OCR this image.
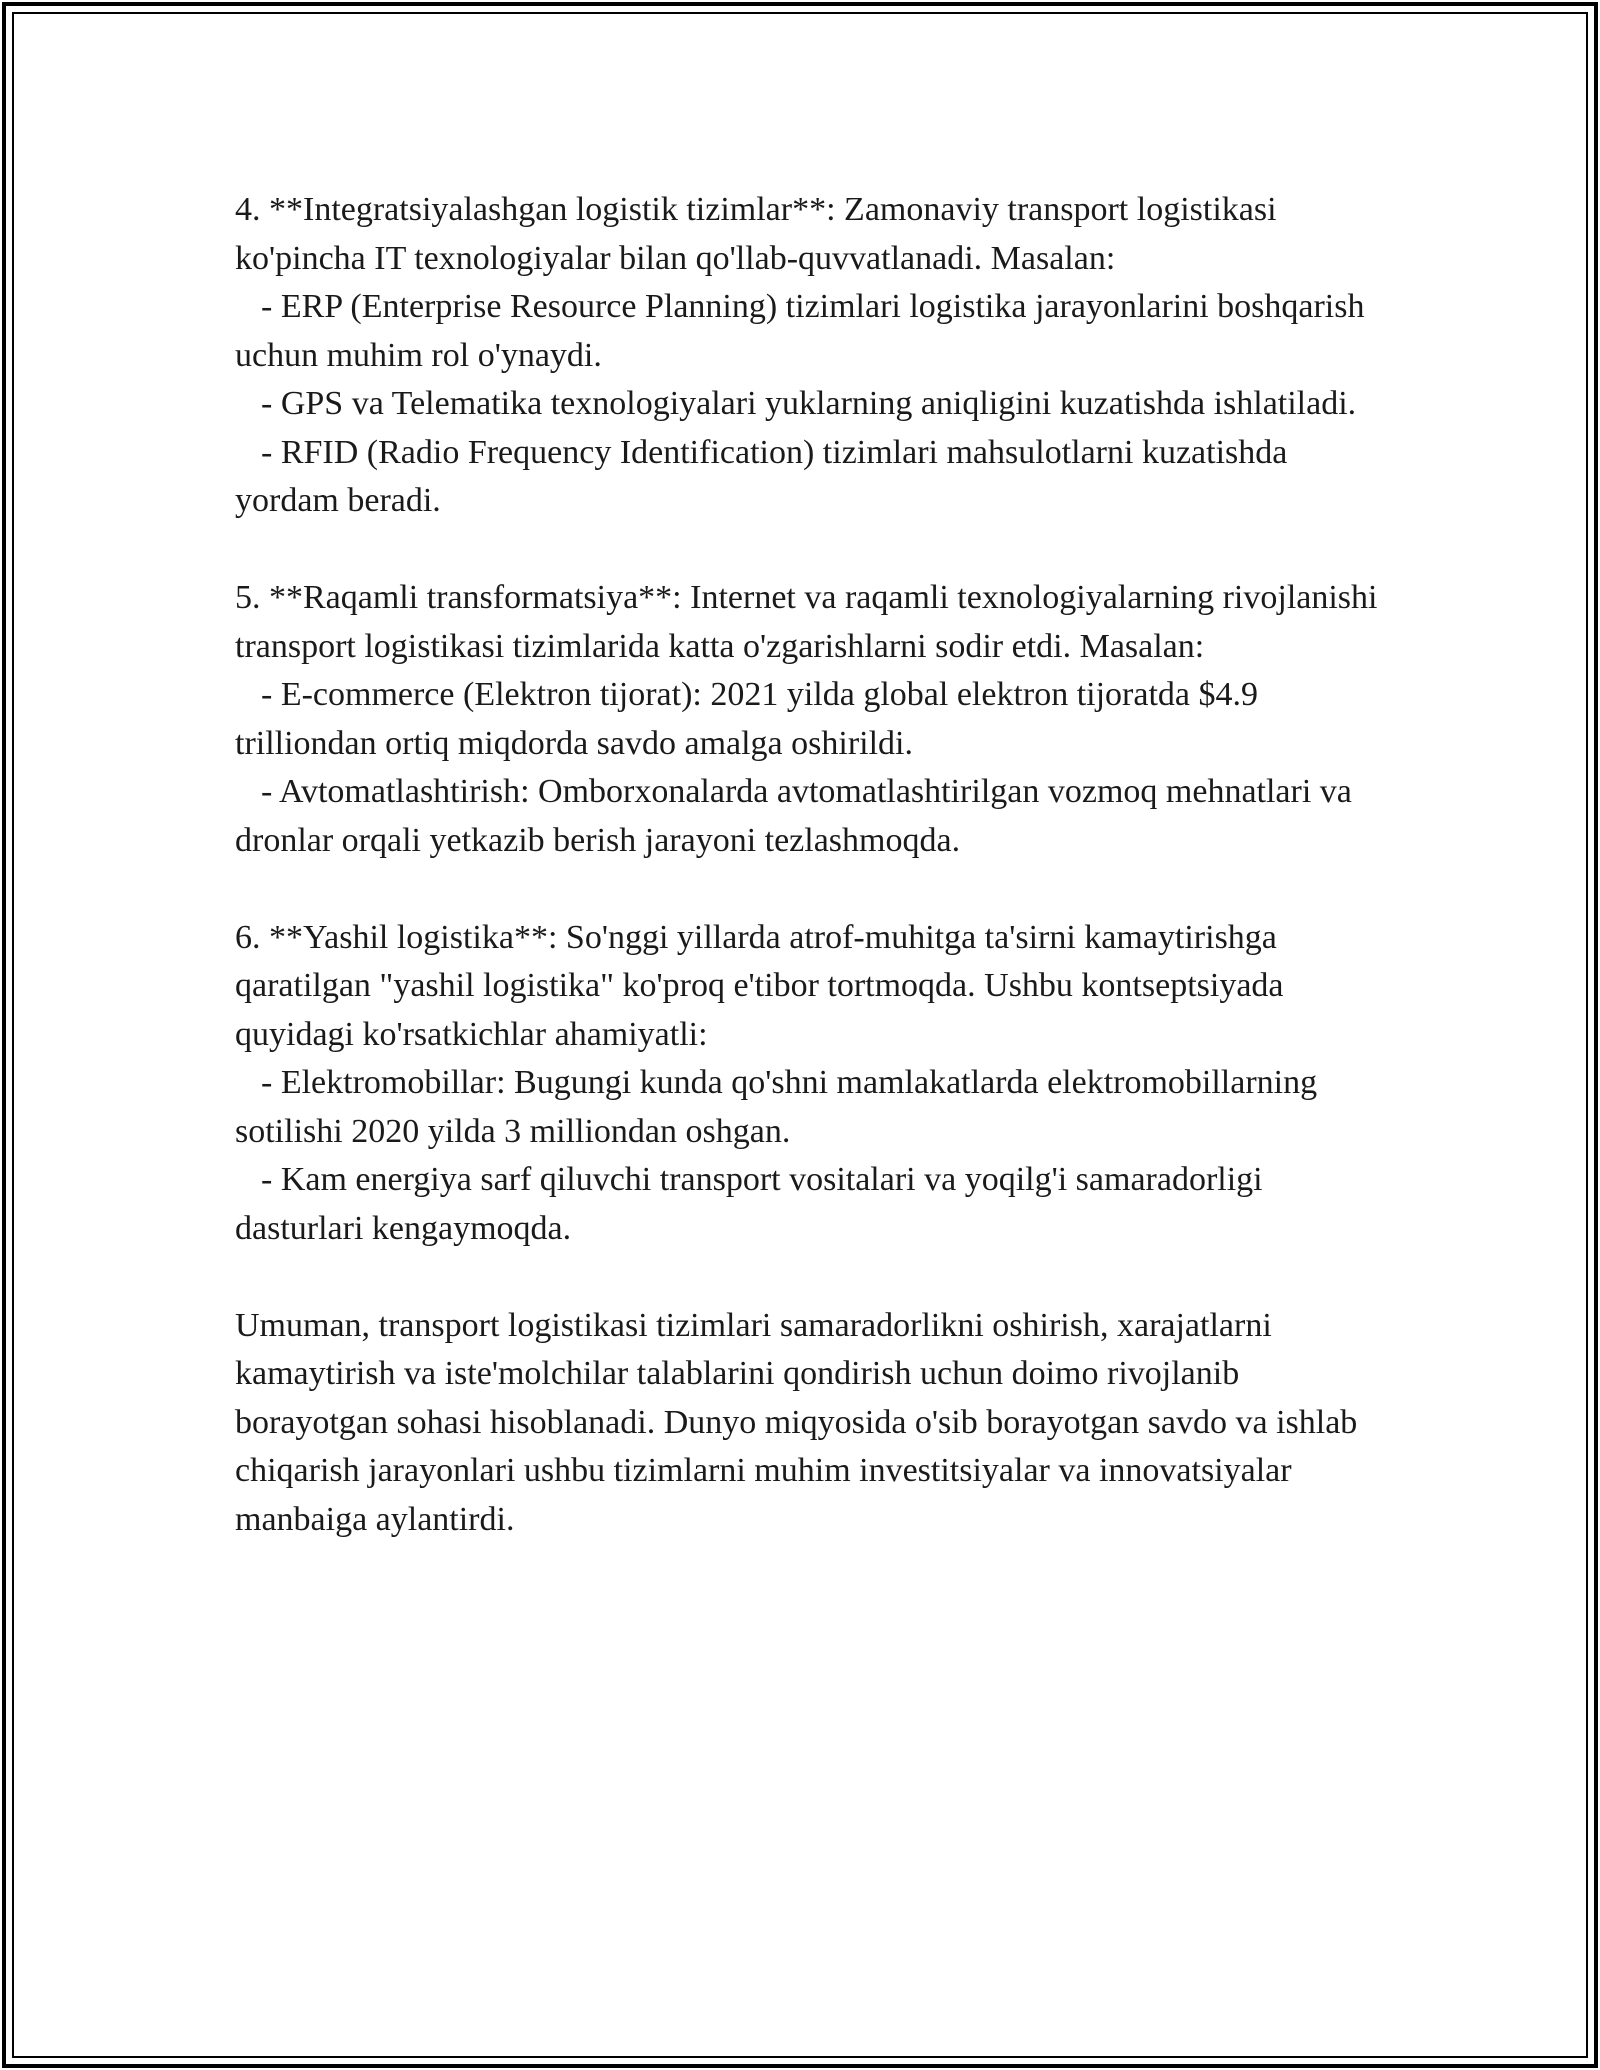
4. **Integratsiyalashgan logistik tizimlar**: Zamonaviy transport logistikasi ko'pincha IT texnologiyalar bilan qo'llab-quvvatlanadi. Masalan:

- ERP (Enterprise Resource Planning) tizimlari logistika jarayonlarini boshqarish uchun muhim rol o'ynaydi.

- GPS va Telematika texnologiyalari yuklarning aniqligini kuzatishda ishlatiladi.

- RFID (Radio Frequency Identification) tizimlari mahsulotlarni kuzatishda yordam beradi.

5. **Raqamli transformatsiya**: Internet va raqamli texnologiyalarning rivojlanishi transport logistikasi tizimlarida katta o'zgarishlarni sodir etdi. Masalan:

- E-commerce (Elektron tijorat): 2021 yilda global elektron tijoratda $4.9 trilliondan ortiq miqdorda savdo amalga oshirildi.

- Avtomatlashtirish: Omborxonalarda avtomatlashtirilgan vozmoq mehnatlari va dronlar orqali yetkazib berish jarayoni tezlashmoqda.

6. **Yashil logistika**: So'nggi yillarda atrof-muhitga ta'sirni kamaytirishga qaratilgan "yashil logistika" ko'proq e'tibor tortmoqda. Ushbu kontseptsiyada quyidagi ko'rsatkichlar ahamiyatli:

- Elektromobillar: Bugungi kunda qo'shni mamlakatlarda elektromobillarning sotilishi 2020 yilda 3 milliondan oshgan.

- Kam energiya sarf qiluvchi transport vositalari va yoqilg'i samaradorligi dasturlari kengaymoqda.

Umuman, transport logistikasi tizimlari samaradorlikni oshirish, xarajatlarni kamaytirish va iste'molchilar talablarini qondirish uchun doimo rivojlanib borayotgan sohasi hisoblanadi. Dunyo miqyosida o'sib borayotgan savdo va ishlab chiqarish jarayonlari ushbu tizimlarni muhim investitsiyalar va innovatsiyalar manbaiga aylantirdi.
